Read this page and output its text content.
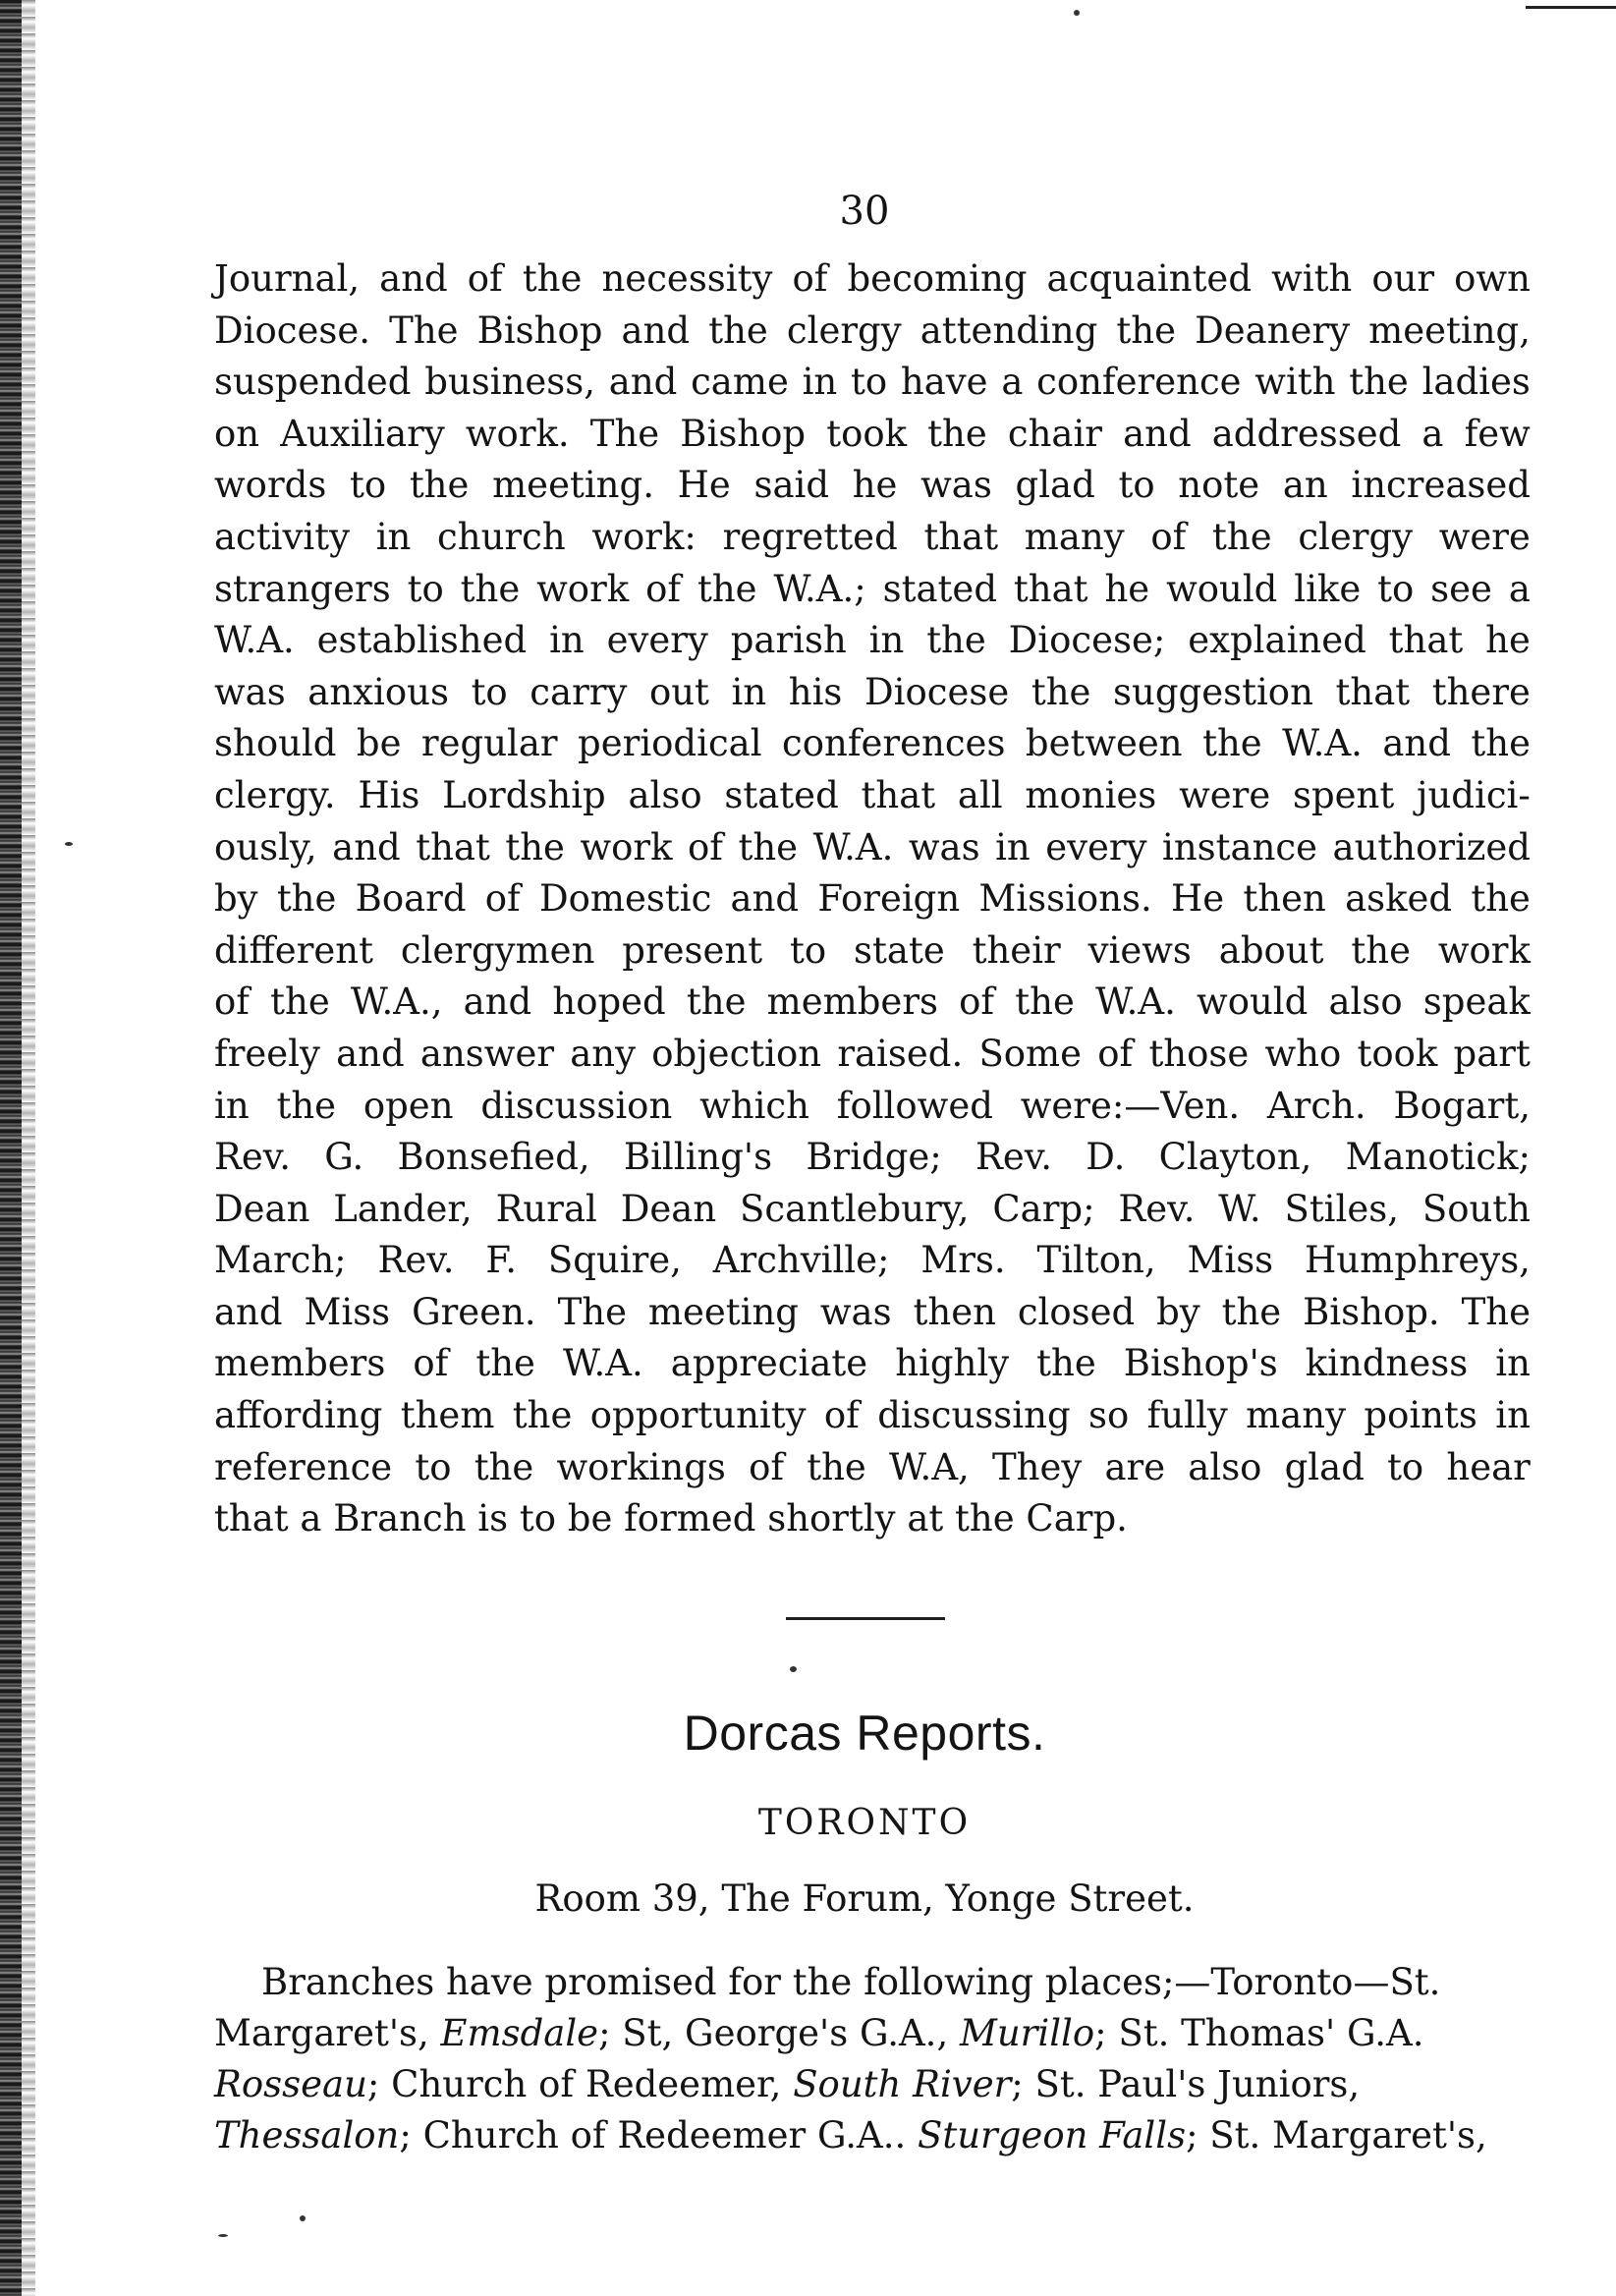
30
Journal, and of the necessity of becoming acquainted with our own
Diocese. The Bishop and the clergy attending the Deanery meeting,
suspended business, and came in to have a conference with the ladies
on Auxiliary work. The Bishop took the chair and addressed a few
words to the meeting. He said he was glad to note an increased
activity in church work: regretted that many of the clergy were
strangers to the work of the W.A.; stated that he would like to see a
W.A. established in every parish in the Diocese; explained that he
was anxious to carry out in his Diocese the suggestion that there
should be regular periodical conferences between the W.A. and the
clergy. His Lordship also stated that all monies were spent judici-
ously, and that the work of the W.A. was in every instance authorized
by the Board of Domestic and Foreign Missions. He then asked the
different clergymen present to state their views about the work
of the W.A., and hoped the members of the W.A. would also speak
freely and answer any objection raised. Some of those who took part
in the open discussion which followed were:—Ven. Arch. Bogart,
Rev. G. Bonsefied, Billing's Bridge; Rev. D. Clayton, Manotick;
Dean Lander, Rural Dean Scantlebury, Carp; Rev. W. Stiles, South
March; Rev. F. Squire, Archville; Mrs. Tilton, Miss Humphreys,
and Miss Green. The meeting was then closed by the Bishop. The
members of the W.A. appreciate highly the Bishop's kindness in
affording them the opportunity of discussing so fully many points in
reference to the workings of the W.A, They are also glad to hear
that a Branch is to be formed shortly at the Carp.
Dorcas Reports.
TORONTO
Room 39, The Forum, Yonge Street.
Branches have promised for the following places;—Toronto—St.
Margaret's, Emsdale; St, George's G.A., Murillo; St. Thomas' G.A.
Rosseau; Church of Redeemer, South River; St. Paul's Juniors,
Thessalon; Church of Redeemer G.A.. Sturgeon Falls; St. Margaret's,
